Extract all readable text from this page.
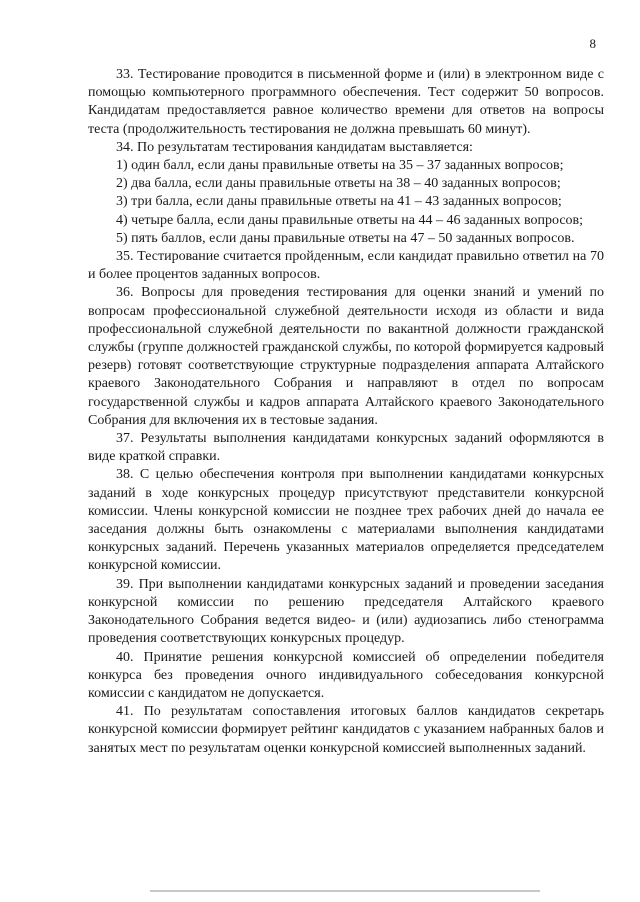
8

33. Тестирование проводится в письменной форме и (или) в электронном виде с помощью компьютерного программного обеспечения. Тест содержит 50 вопросов. Кандидатам предоставляется равное количество времени для ответов на вопросы теста (продолжительность тестирования не должна превышать 60 минут).

34. По результатам тестирования кандидатам выставляется:

1) один балл, если даны правильные ответы на 35 – 37 заданных вопросов;

2) два балла, если даны правильные ответы на 38 – 40 заданных вопросов;

3) три балла, если даны правильные ответы на 41 – 43 заданных вопросов;

4) четыре балла, если даны правильные ответы на 44 – 46 заданных вопросов;

5) пять баллов, если даны правильные ответы на 47 – 50 заданных вопросов.

35. Тестирование считается пройденным, если кандидат правильно ответил на 70 и более процентов заданных вопросов.

36. Вопросы для проведения тестирования для оценки знаний и умений по вопросам профессиональной служебной деятельности исходя из области и вида профессиональной служебной деятельности по вакантной должности гражданской службы (группе должностей гражданской службы, по которой формируется кадровый резерв) готовят соответствующие структурные подразделения аппарата Алтайского краевого Законодательного Собрания и направляют в отдел по вопросам государственной службы и кадров аппарата Алтайского краевого Законодательного Собрания для включения их в тестовые задания.

37. Результаты выполнения кандидатами конкурсных заданий оформляются в виде краткой справки.

38. С целью обеспечения контроля при выполнении кандидатами конкурсных заданий в ходе конкурсных процедур присутствуют представители конкурсной комиссии. Члены конкурсной комиссии не позднее трех рабочих дней до начала ее заседания должны быть ознакомлены с материалами выполнения кандидатами конкурсных заданий. Перечень указанных материалов определяется председателем конкурсной комиссии.

39. При выполнении кандидатами конкурсных заданий и проведении заседания конкурсной комиссии по решению председателя Алтайского краевого Законодательного Собрания ведется видео- и (или) аудиозапись либо стенограмма проведения соответствующих конкурсных процедур.

40. Принятие решения конкурсной комиссией об определении победителя конкурса без проведения очного индивидуального собеседования конкурсной комиссии с кандидатом не допускается.

41. По результатам сопоставления итоговых баллов кандидатов секретарь конкурсной комиссии формирует рейтинг кандидатов с указанием набранных балов и занятых мест по результатам оценки конкурсной комиссией выполненных заданий.
